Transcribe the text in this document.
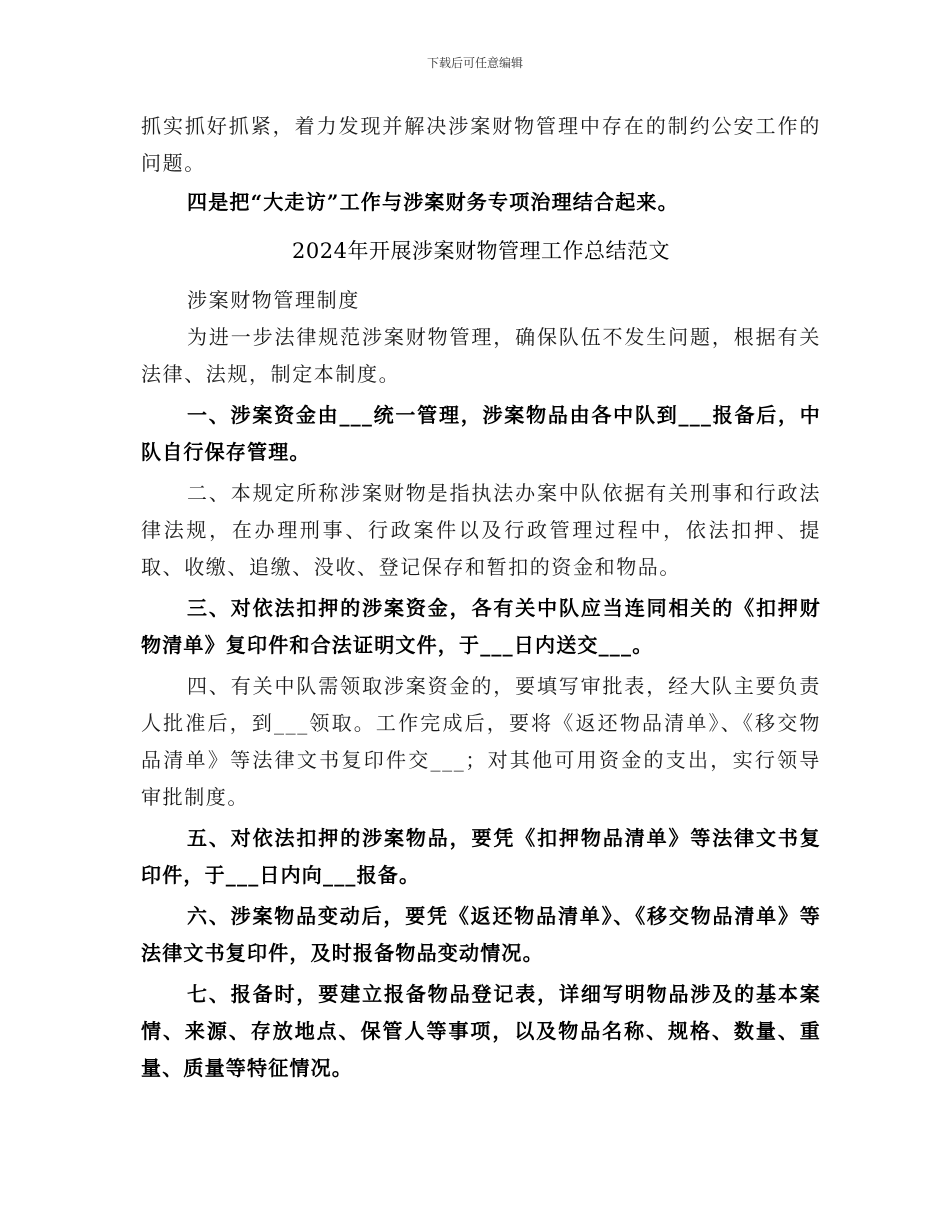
下载后可任意编辑

抓实抓好抓紧，着力发现并解决涉案财物管理中存在的制约公安工作的问题。

四是把“大走访”工作与涉案财务专项治理结合起来。

2024年开展涉案财物管理工作总结范文

涉案财物管理制度

为进一步法律规范涉案财物管理，确保队伍不发生问题，根据有关法律、法规，制定本制度。

一、涉案资金由___统一管理，涉案物品由各中队到___报备后，中队自行保存管理。

二、本规定所称涉案财物是指执法办案中队依据有关刑事和行政法律法规，在办理刑事、行政案件以及行政管理过程中，依法扣押、提取、收缴、追缴、没收、登记保存和暂扣的资金和物品。

三、对依法扣押的涉案资金，各有关中队应当连同相关的《扣押财物清单》复印件和合法证明文件，于___日内送交___。

四、有关中队需领取涉案资金的，要填写审批表，经大队主要负责人批准后，到___领取。工作完成后，要将《返还物品清单》、《移交物品清单》等法律文书复印件交___；对其他可用资金的支出，实行领导审批制度。

五、对依法扣押的涉案物品，要凭《扣押物品清单》等法律文书复印件，于___日内向___报备。

六、涉案物品变动后，要凭《返还物品清单》、《移交物品清单》等法律文书复印件，及时报备物品变动情况。

七、报备时，要建立报备物品登记表，详细写明物品涉及的基本案情、来源、存放地点、保管人等事项，以及物品名称、规格、数量、重量、质量等特征情况。
